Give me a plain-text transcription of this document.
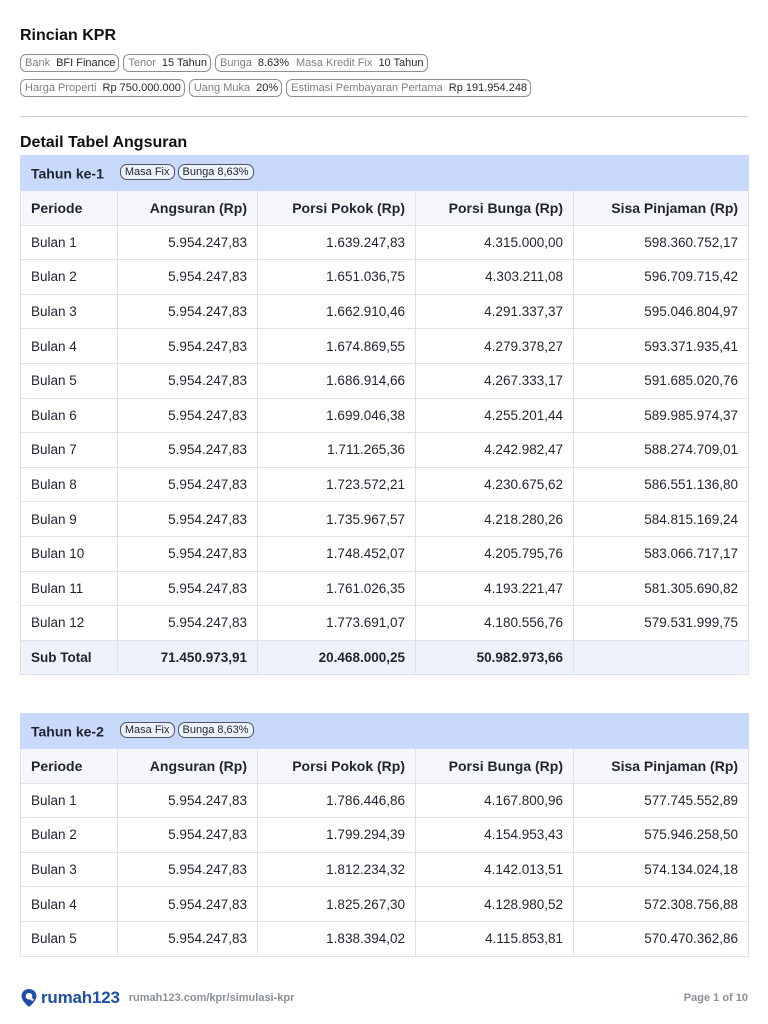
Rincian KPR
Bank BFI Finance Tenor 15 Tahun Bunga 8.63% Masa Kredit Fix 10 Tahun
Harga Properti Rp 750.000.000 Uang Muka 20% Estimasi Pembayaran Pertama Rp 191.954.248
Detail Tabel Angsuran
Tahun ke-1 Masa Fix Bunga 8,63%				
Periode	Angsuran (Rp)	Porsi Pokok (Rp)	Porsi Bunga (Rp)	Sisa Pinjaman (Rp)
Bulan 1	5.954.247,83	1.639.247,83	4.315.000,00	598.360.752,17
Bulan 2	5.954.247,83	1.651.036,75	4.303.211,08	596.709.715,42
Bulan 3	5.954.247,83	1.662.910,46	4.291.337,37	595.046.804,97
Bulan 4	5.954.247,83	1.674.869,55	4.279.378,27	593.371.935,41
Bulan 5	5.954.247,83	1.686.914,66	4.267.333,17	591.685.020,76
Bulan 6	5.954.247,83	1.699.046,38	4.255.201,44	589.985.974,37
Bulan 7	5.954.247,83	1.711.265,36	4.242.982,47	588.274.709,01
Bulan 8	5.954.247,83	1.723.572,21	4.230.675,62	586.551.136,80
Bulan 9	5.954.247,83	1.735.967,57	4.218.280,26	584.815.169,24
Bulan 10	5.954.247,83	1.748.452,07	4.205.795,76	583.066.717,17
Bulan 11	5.954.247,83	1.761.026,35	4.193.221,47	581.305.690,82
Bulan 12	5.954.247,83	1.773.691,07	4.180.556,76	579.531.999,75
Sub Total	71.450.973,91	20.468.000,25	50.982.973,66	
Tahun ke-2 Masa Fix Bunga 8,63%				
Periode	Angsuran (Rp)	Porsi Pokok (Rp)	Porsi Bunga (Rp)	Sisa Pinjaman (Rp)
Bulan 1	5.954.247,83	1.786.446,86	4.167.800,96	577.745.552,89
Bulan 2	5.954.247,83	1.799.294,39	4.154.953,43	575.946.258,50
Bulan 3	5.954.247,83	1.812.234,32	4.142.013,51	574.134.024,18
Bulan 4	5.954.247,83	1.825.267,30	4.128.980,52	572.308.756,88
Bulan 5	5.954.247,83	1.838.394,02	4.115.853,81	570.470.362,86
rumah123 rumah123.com/kpr/simulasi-kpr	Page 1 of 10
